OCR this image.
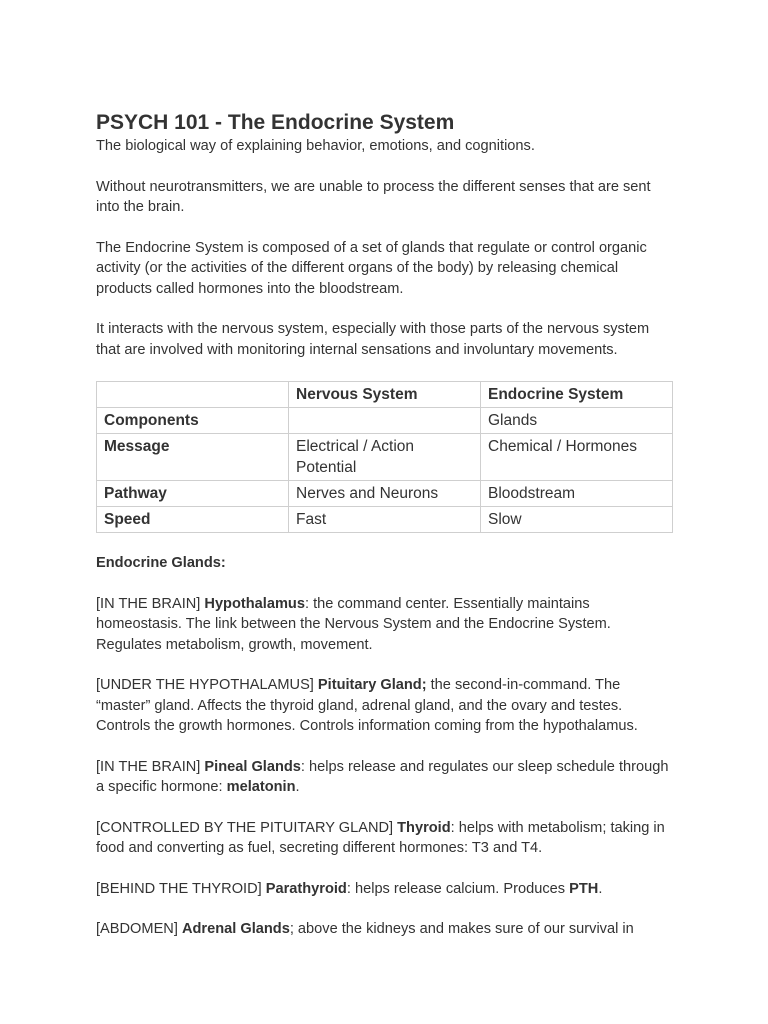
PSYCH 101 - The Endocrine System

The biological way of explaining behavior, emotions, and cognitions.

Without neurotransmitters, we are unable to process the different senses that are sent into the brain.

The Endocrine System is composed of a set of glands that regulate or control organic activity (or the activities of the different organs of the body) by releasing chemical products called hormones into the bloodstream.

It interacts with the nervous system, especially with those parts of the nervous system that are involved with monitoring internal sensations and involuntary movements.

	Nervous System	Endocrine System
Components		Glands
Message	Electrical / Action Potential	Chemical / Hormones
Pathway	Nerves and Neurons	Bloodstream
Speed	Fast	Slow

Endocrine Glands:

[IN THE BRAIN] Hypothalamus: the command center. Essentially maintains homeostasis. The link between the Nervous System and the Endocrine System. Regulates metabolism, growth, movement.

[UNDER THE HYPOTHALAMUS] Pituitary Gland; the second-in-command. The “master” gland. Affects the thyroid gland, adrenal gland, and the ovary and testes. Controls the growth hormones. Controls information coming from the hypothalamus.

[IN THE BRAIN] Pineal Glands: helps release and regulates our sleep schedule through a specific hormone: melatonin.

[CONTROLLED BY THE PITUITARY GLAND] Thyroid: helps with metabolism; taking in food and converting as fuel, secreting different hormones: T3 and T4.

[BEHIND THE THYROID] Parathyroid: helps release calcium. Produces PTH.

[ABDOMEN] Adrenal Glands; above the kidneys and makes sure of our survival in
